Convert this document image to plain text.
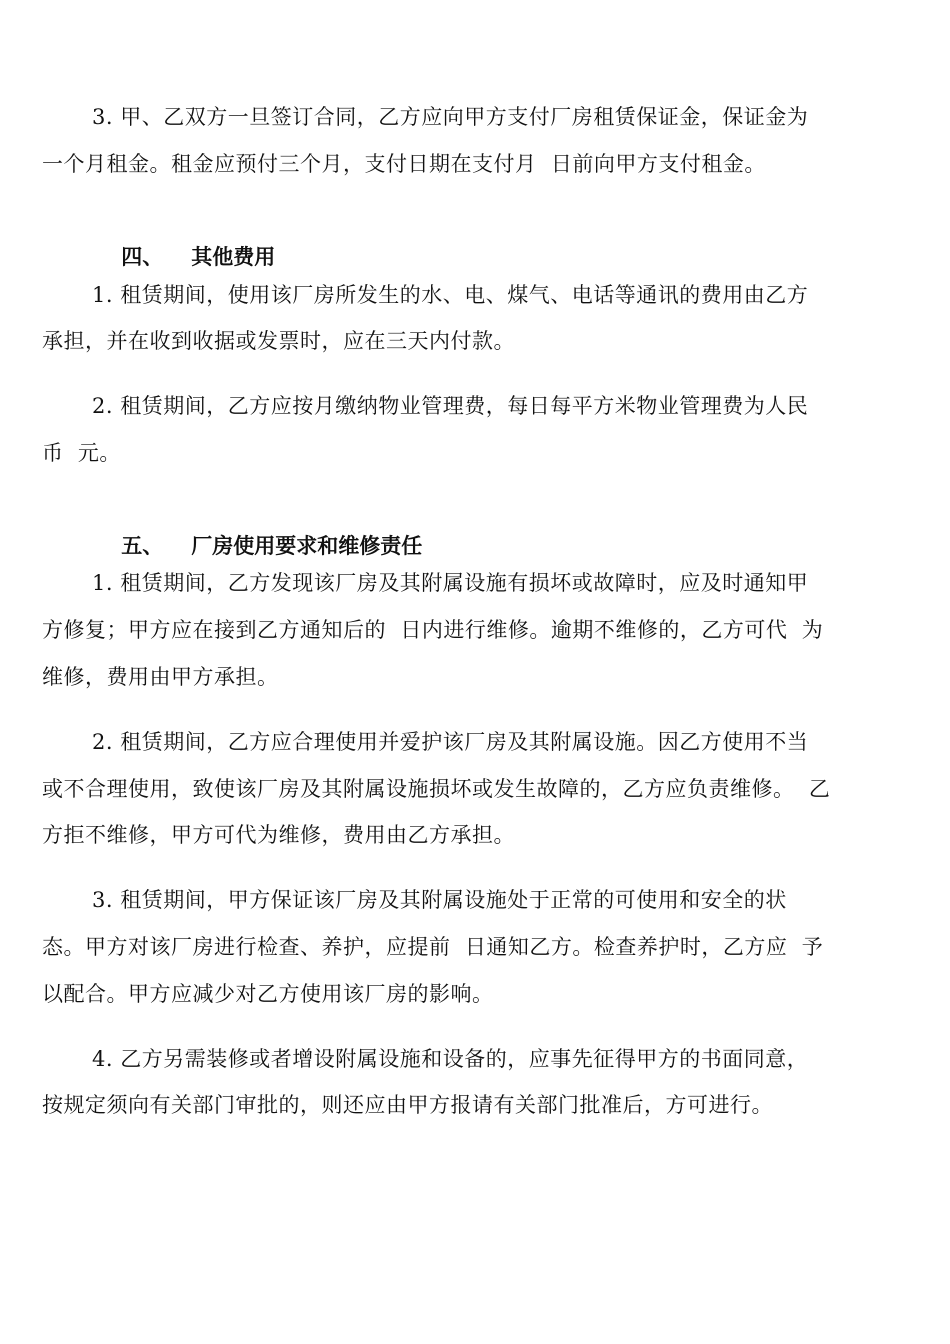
3. 甲、乙双方一旦签订合同，乙方应向甲方支付厂房租赁保证金，保证金为
一个月租金。租金应预付三个月，支付日期在支付月  日前向甲方支付租金。

四、 其他费用

1. 租赁期间，使用该厂房所发生的水、电、煤气、电话等通讯的费用由乙方
承担，并在收到收据或发票时，应在三天内付款。
2. 租赁期间，乙方应按月缴纳物业管理费，每日每平方米物业管理费为人民
币  元。

五、 厂房使用要求和维修责任

1. 租赁期间，乙方发现该厂房及其附属设施有损坏或故障时，应及时通知甲
方修复；甲方应在接到乙方通知后的  日内进行维修。逾期不维修的，乙方可代  为
维修，费用由甲方承担。
2. 租赁期间，乙方应合理使用并爱护该厂房及其附属设施。因乙方使用不当
或不合理使用，致使该厂房及其附属设施损坏或发生故障的，乙方应负责维修。  乙
方拒不维修，甲方可代为维修，费用由乙方承担。
3. 租赁期间，甲方保证该厂房及其附属设施处于正常的可使用和安全的状
态。甲方对该厂房进行检查、养护，应提前  日通知乙方。检查养护时，乙方应  予
以配合。甲方应减少对乙方使用该厂房的影响。
4. 乙方另需装修或者增设附属设施和设备的，应事先征得甲方的书面同意，
按规定须向有关部门审批的，则还应由甲方报请有关部门批准后，方可进行。
